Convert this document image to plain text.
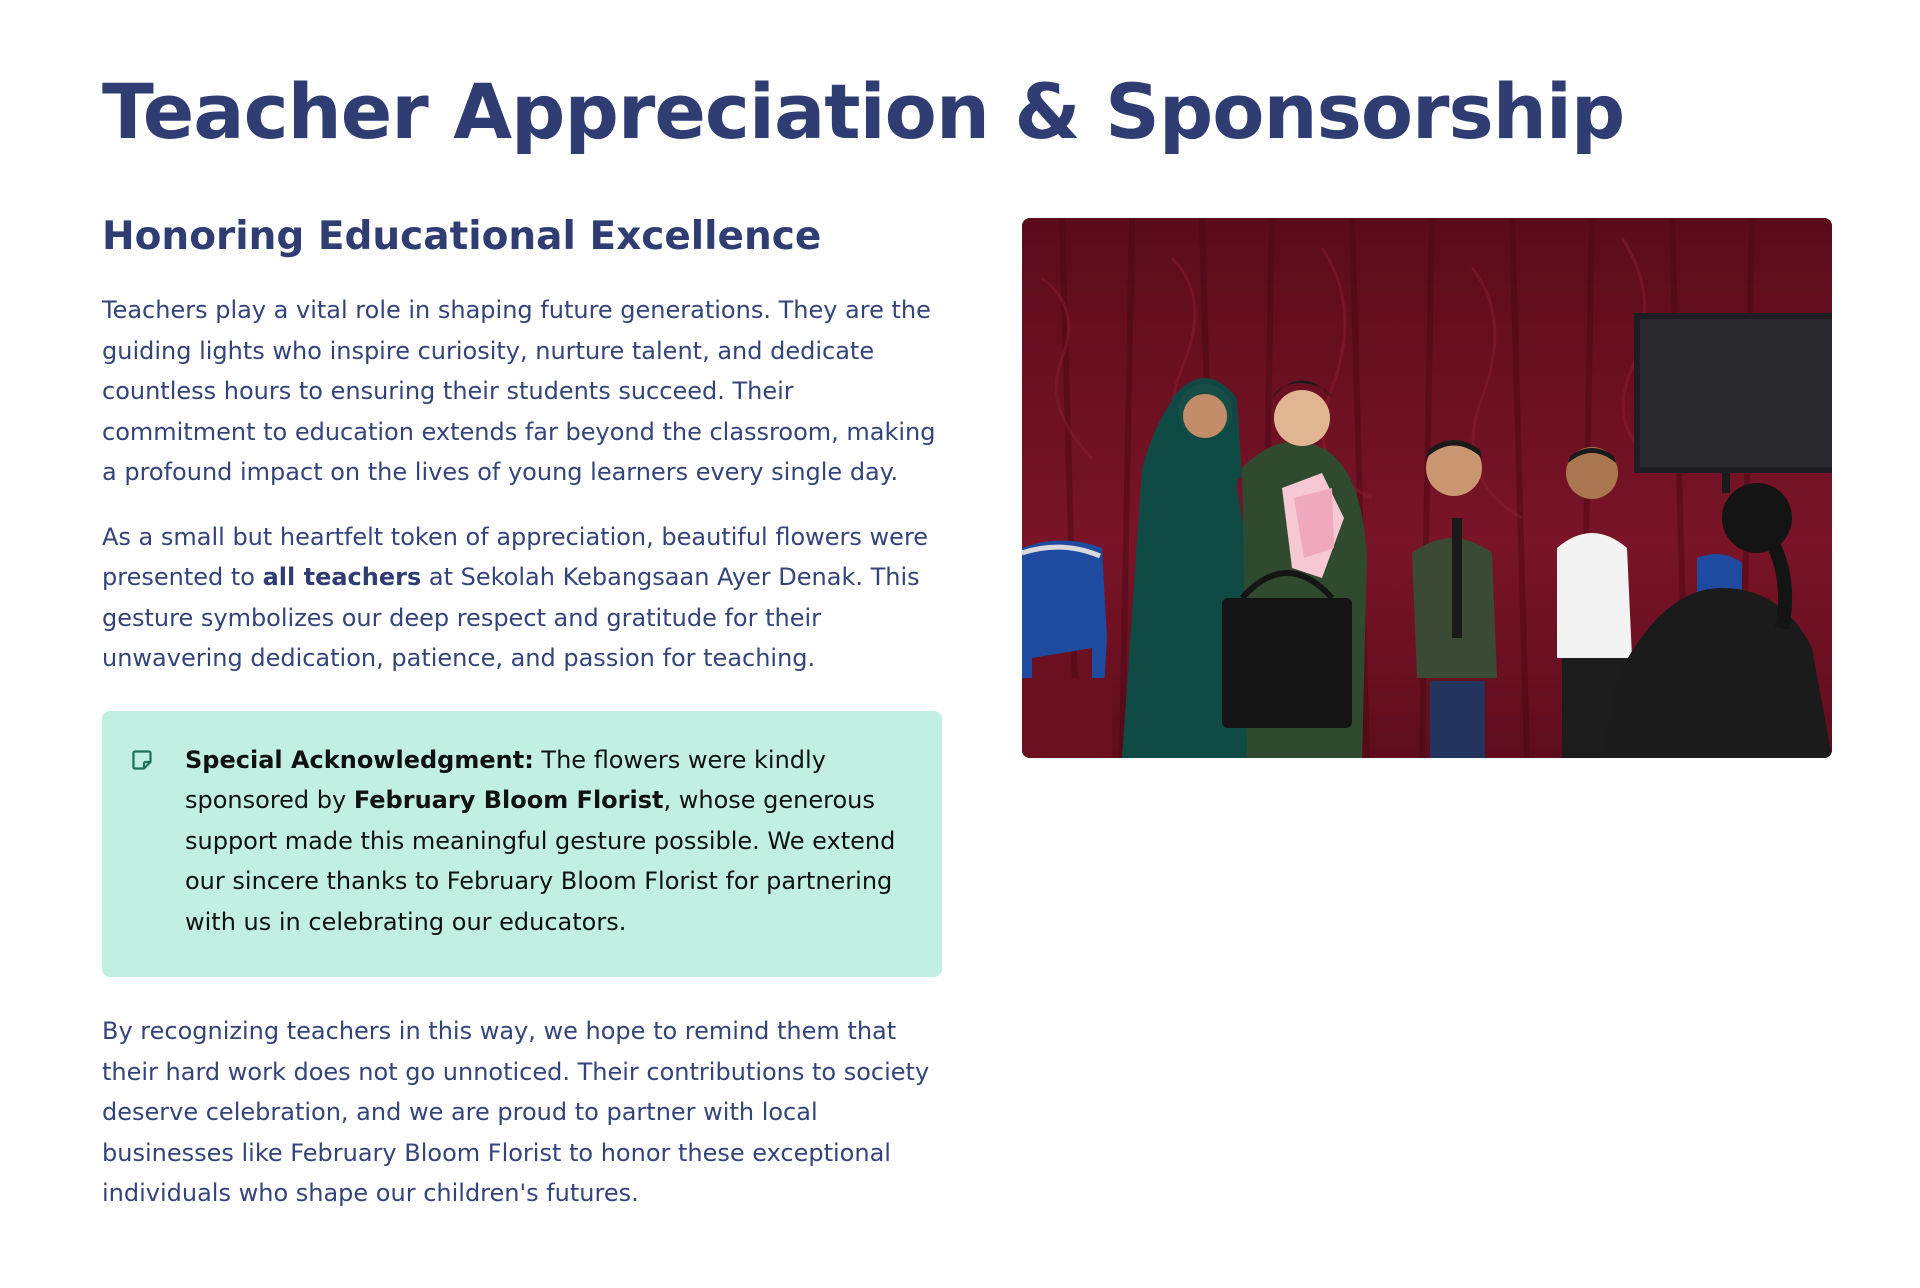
Teacher Appreciation & Sponsorship
Honoring Educational Excellence

Teachers play a vital role in shaping future generations. They are the guiding lights who inspire curiosity, nurture talent, and dedicate countless hours to ensuring their students succeed. Their commitment to education extends far beyond the classroom, making a profound impact on the lives of young learners every single day.

As a small but heartfelt token of appreciation, beautiful flowers were presented to all teachers at Sekolah Kebangsaan Ayer Denak. This gesture symbolizes our deep respect and gratitude for their unwavering dedication, patience, and passion for teaching.

Special Acknowledgment: The flowers were kindly sponsored by February Bloom Florist, whose generous support made this meaningful gesture possible. We extend our sincere thanks to February Bloom Florist for partnering with us in celebrating our educators.

By recognizing teachers in this way, we hope to remind them that their hard work does not go unnoticed. Their contributions to society deserve celebration, and we are proud to partner with local businesses like February Bloom Florist to honor these exceptional individuals who shape our children's futures.
